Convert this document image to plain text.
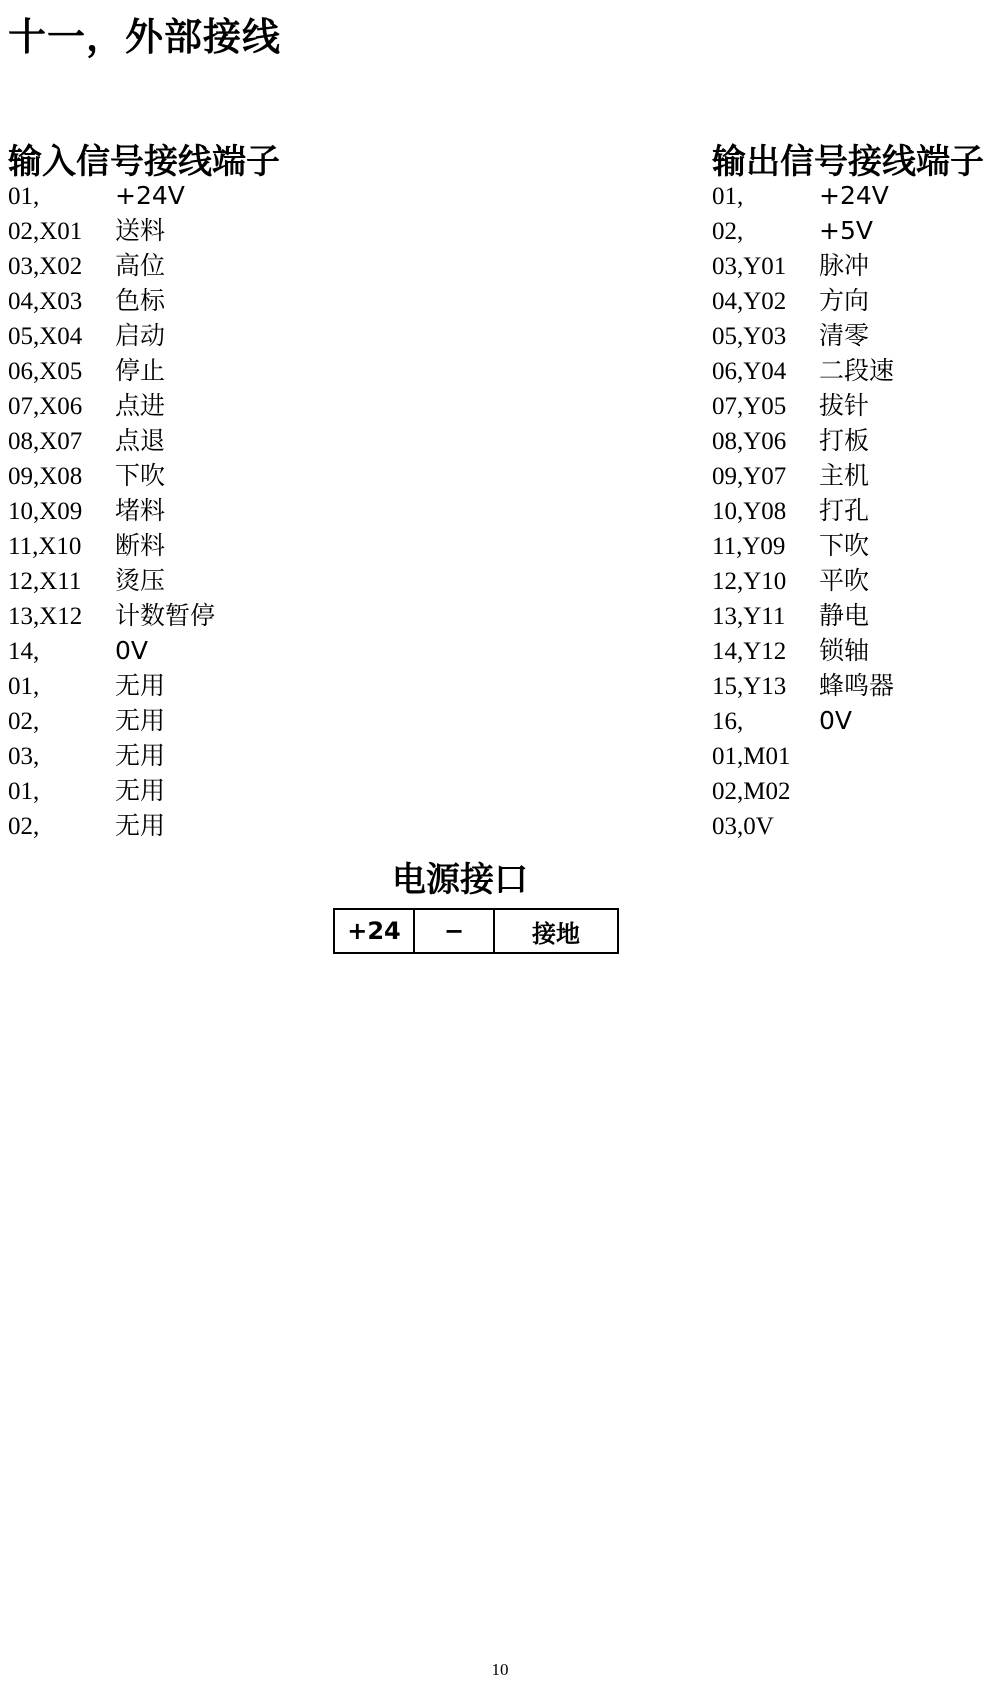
十一，外部接线
输入信号接线端子
01,	+24V
02,X01 送料
03,X02 高位
04,X03 色标
05,X04 启动
06,X05 停止
07,X06 点进
08,X07 点退
09,X08 下吹
10,X09 堵料
11,X10 断料
12,X11 烫压
13,X12 计数暂停
14,	0V
01,	无用
02,	无用
03,	无用
01,	无用
02,	无用
输出信号接线端子
01,	+24V
02,	+5V
03,Y01 脉冲
04,Y02 方向
05,Y03 清零
06,Y04 二段速
07,Y05 拔针
08,Y06 打板
09,Y07 主机
10,Y08 打孔
11,Y09 下吹
12,Y10 平吹
13,Y11 静电
14,Y12 锁轴
15,Y13 蜂鸣器
16,	0V
01,M01
02,M02
03,0V
电源接口
+24	−	接地
10
